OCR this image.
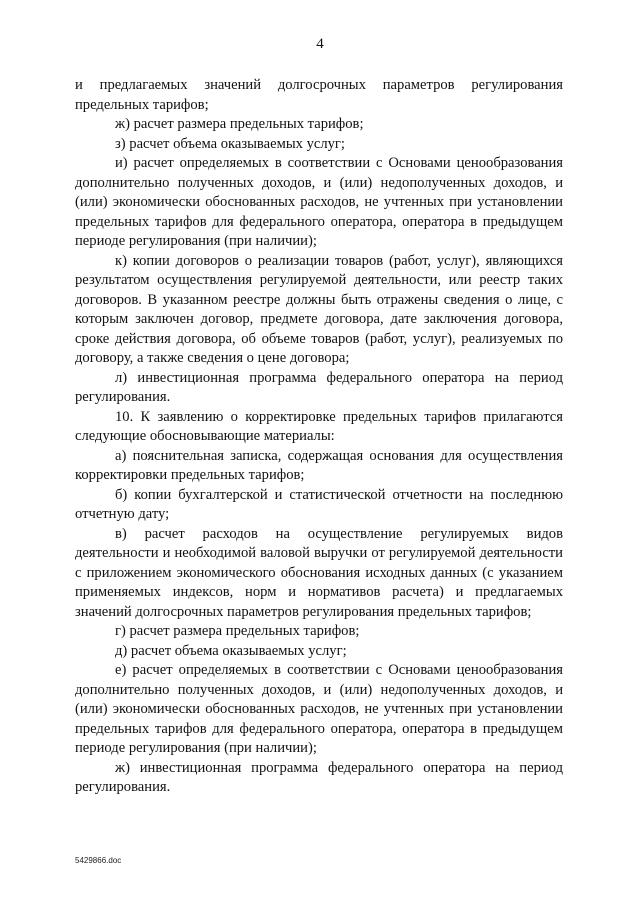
4

и предлагаемых значений долгосрочных параметров регулирования предельных тарифов;

ж) расчет размера предельных тарифов;

з) расчет объема оказываемых услуг;

и) расчет определяемых в соответствии с Основами ценообразования дополнительно полученных доходов, и (или) недополученных доходов, и (или) экономически обоснованных расходов, не учтенных при установлении предельных тарифов для федерального оператора, оператора в предыдущем периоде регулирования (при наличии);

к) копии договоров о реализации товаров (работ, услуг), являющихся результатом осуществления регулируемой деятельности, или реестр таких договоров. В указанном реестре должны быть отражены сведения о лице, с которым заключен договор, предмете договора, дате заключения договора, сроке действия договора, об объеме товаров (работ, услуг), реализуемых по договору, а также сведения о цене договора;

л) инвестиционная программа федерального оператора на период регулирования.

10. К заявлению о корректировке предельных тарифов прилагаются следующие обосновывающие материалы:

а) пояснительная записка, содержащая основания для осуществления корректировки предельных тарифов;

б) копии бухгалтерской и статистической отчетности на последнюю отчетную дату;

в) расчет расходов на осуществление регулируемых видов деятельности и необходимой валовой выручки от регулируемой деятельности с приложением экономического обоснования исходных данных (с указанием применяемых индексов, норм и нормативов расчета) и предлагаемых значений долгосрочных параметров регулирования предельных тарифов;

г) расчет размера предельных тарифов;

д) расчет объема оказываемых услуг;

е) расчет определяемых в соответствии с Основами ценообразования дополнительно полученных доходов, и (или) недополученных доходов, и (или) экономически обоснованных расходов, не учтенных при установлении предельных тарифов для федерального оператора, оператора в предыдущем периоде регулирования (при наличии);

ж) инвестиционная программа федерального оператора на период регулирования.

5429866.doc
